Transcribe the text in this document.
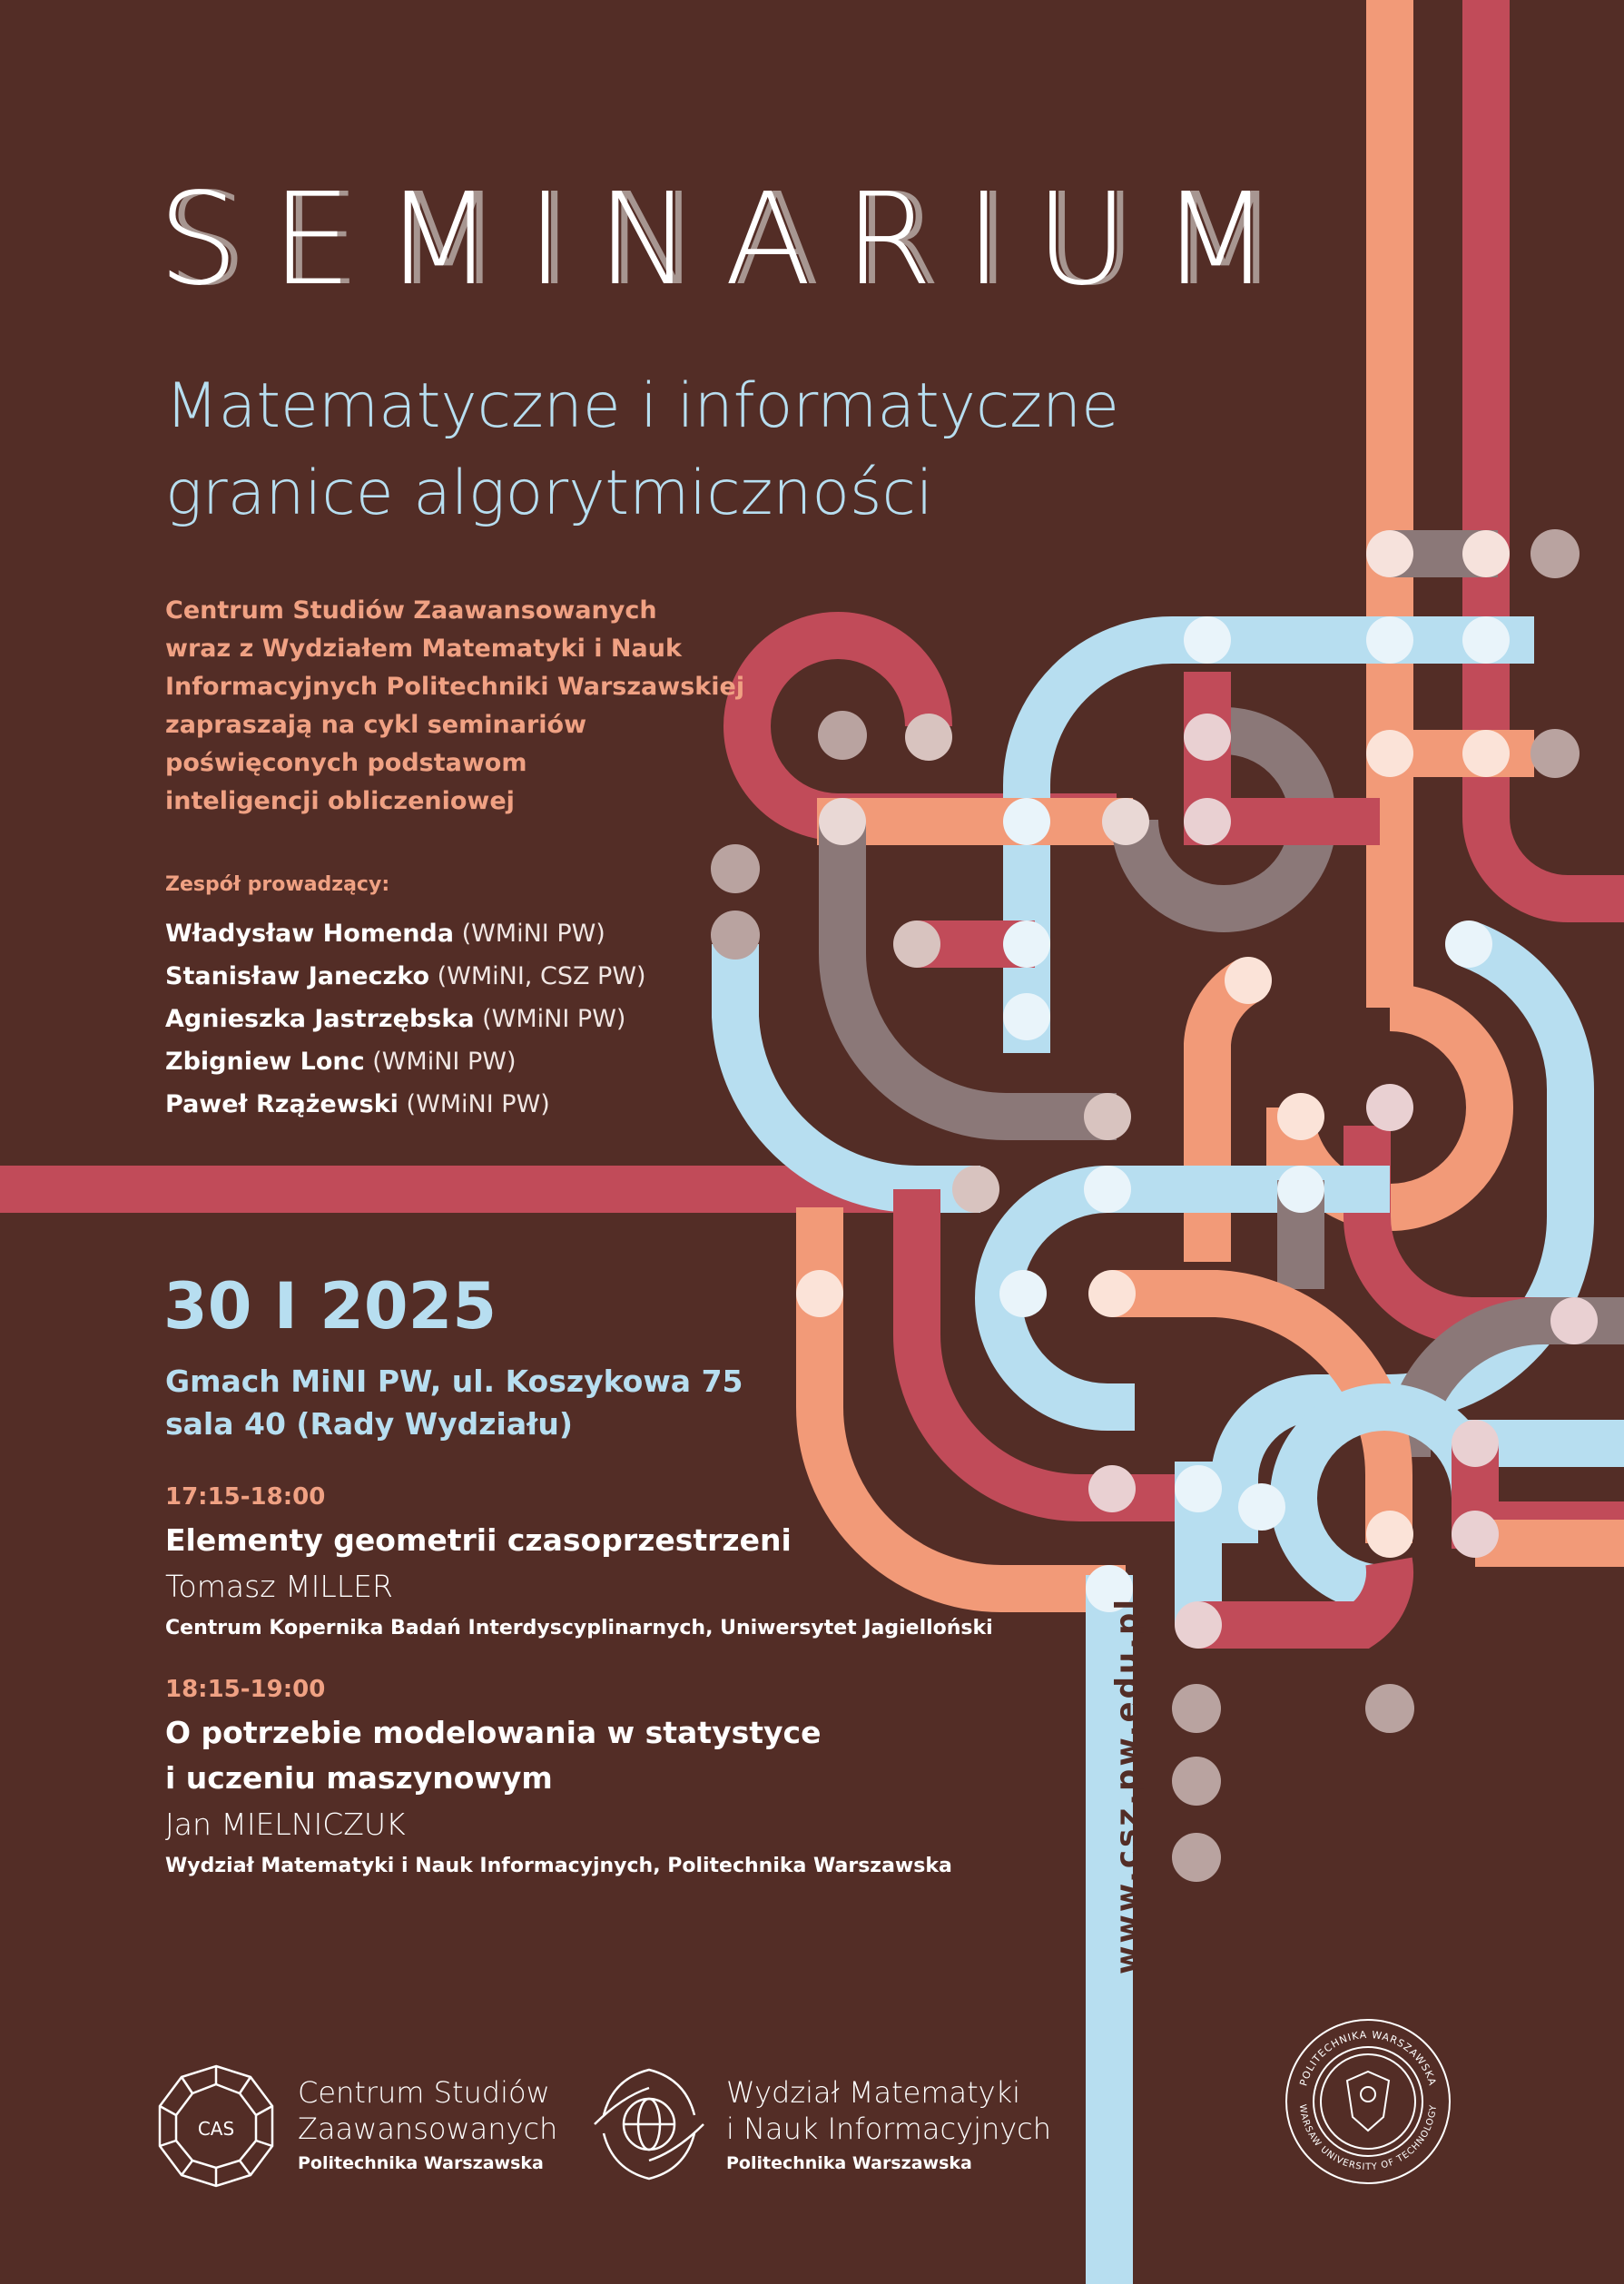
SEMINARIUM
Matematyczne i informatyczne
granice algorytmiczności
Centrum Studiów Zaawansowanych
wraz z Wydziałem Matematyki i Nauk
Informacyjnych Politechniki Warszawskiej
zapraszają na cykl seminariów
poświęconych podstawom
inteligencji obliczeniowej
Zespół prowadzący:
Władysław Homenda (WMiNI PW)
Stanisław Janeczko (WMiNI, CSZ PW)
Agnieszka Jastrzębska (WMiNI PW)
Zbigniew Lonc (WMiNI PW)
Paweł Rzążewski (WMiNI PW)
30 I 2025
Gmach MiNI PW, ul. Koszykowa 75
sala 40 (Rady Wydziału)
17:15-18:00
Elementy geometrii czasoprzestrzeni
Tomasz MILLER
Centrum Kopernika Badań Interdyscyplinarnych, Uniwersytet Jagielloński
18:15-19:00
O potrzebie modelowania w statystyce
i uczeniu maszynowym
Jan MIELNICZUK
Wydział Matematyki i Nauk Informacyjnych, Politechnika Warszawska	www.csz.pw.edu.pl
CAS
Centrum Studiów
Zaawansowanych
Politechnika Warszawska
Wydział Matematyki
i Nauk Informacyjnych
Politechnika Warszawska
POLITECHNIKA WARSZAWSKA
WARSAW UNIVERSITY OF TECHNOLOGY
